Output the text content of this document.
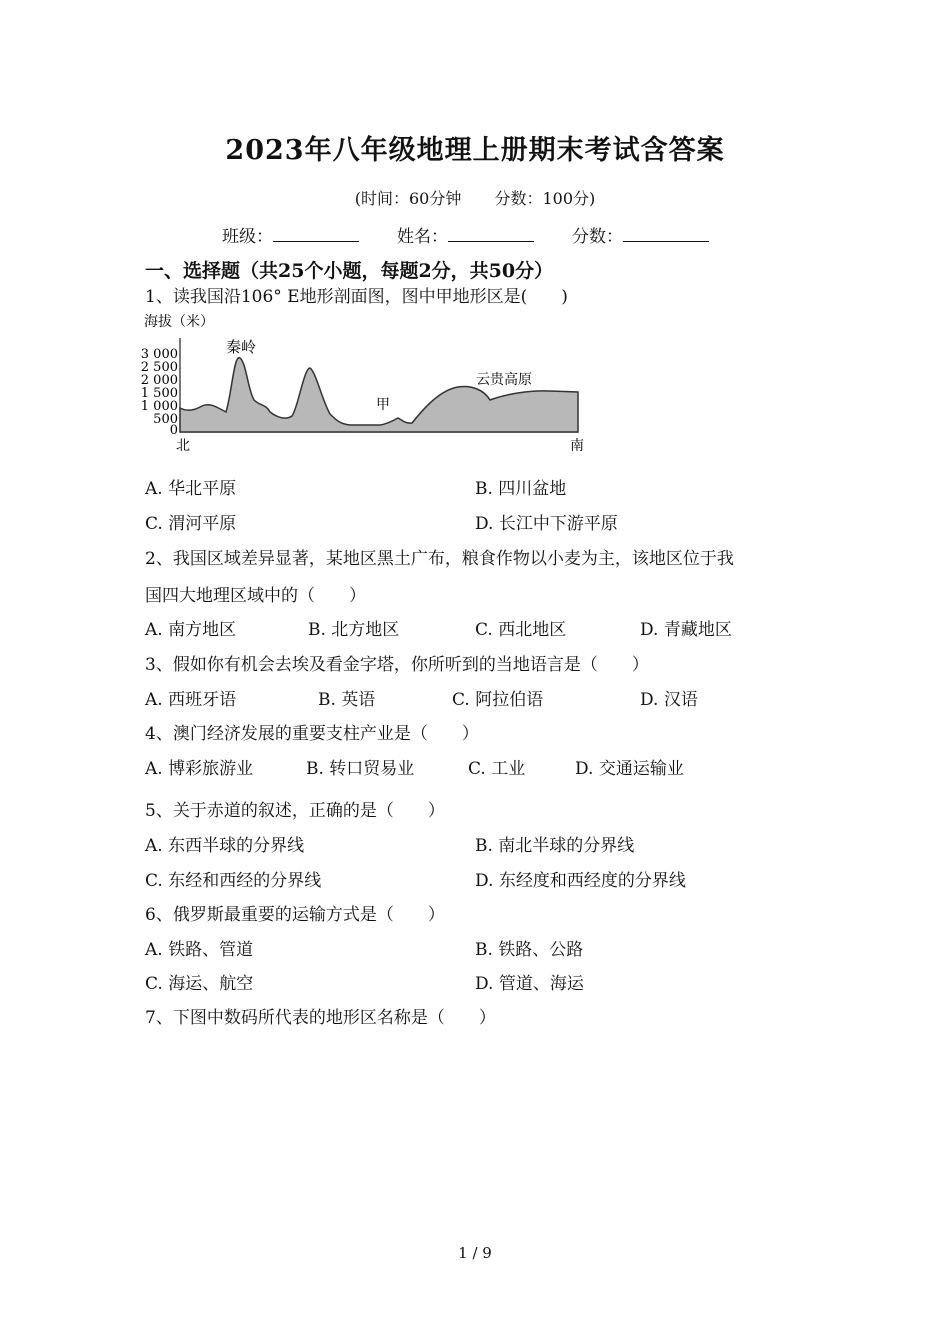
2023年八年级地理上册期末考试含答案
(时间：60分钟 分数：100分)
班级：	姓名：	分数：
一、选择题（共25个小题，每题2分，共50分）
1、读我国沿106° E地形剖面图，图中甲地形区是(　　)
海拔（米）
3 000
2 500
2 000
1 500
1 000
500
0
秦岭
甲
云贵高原
北	南
A. 华北平原	B. 四川盆地
C. 渭河平原	D. 长江中下游平原
2、我国区域差异显著，某地区黑土广布，粮食作物以小麦为主，该地区位于我
国四大地理区域中的（　　）
A. 南方地区	B. 北方地区	C. 西北地区	D. 青藏地区
3、假如你有机会去埃及看金字塔，你所听到的当地语言是（　　）
A. 西班牙语	B. 英语	C. 阿拉伯语	D. 汉语
4、澳门经济发展的重要支柱产业是（　　）
A. 博彩旅游业	B. 转口贸易业	C. 工业	D. 交通运输业
5、关于赤道的叙述，正确的是（　　）
A. 东西半球的分界线	B. 南北半球的分界线
C. 东经和西经的分界线	D. 东经度和西经度的分界线
6、俄罗斯最重要的运输方式是（　　）
A. 铁路、管道	B. 铁路、公路
C. 海运、航空	D. 管道、海运
7、下图中数码所代表的地形区名称是（　　）
1 / 9
